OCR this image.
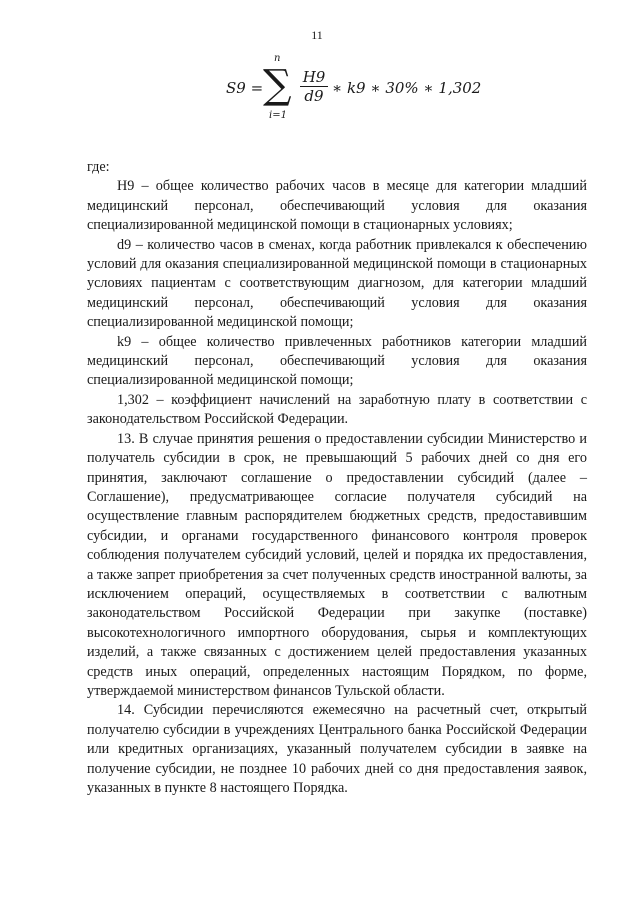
11
S9 =
n
∑
i=1
$\frac{H9}{d9}$ ∗ k9 ∗ 30% ∗ 1,302

где:

Н9 – общее количество рабочих часов в месяце для категории младший медицинский персонал, обеспечивающий условия для оказания специализированной медицинской помощи в стационарных условиях;

d9 – количество часов в сменах, когда работник привлекался к обеспечению условий для оказания специализированной медицинской помощи в стационарных условиях пациентам с соответствующим диагнозом, для категории младший медицинский персонал, обеспечивающий условия для оказания специализированной медицинской помощи;

k9 – общее количество привлеченных работников категории младший медицинский персонал, обеспечивающий условия для оказания специализированной медицинской помощи;

1,302 – коэффициент начислений на заработную плату в соответствии с законодательством Российской Федерации.

13. В случае принятия решения о предоставлении субсидии Министерство и получатель субсидии в срок, не превышающий 5 рабочих дней со дня его принятия, заключают соглашение о предоставлении субсидий (далее – Соглашение), предусматривающее согласие получателя субсидий на осуществление главным распорядителем бюджетных средств, предоставившим субсидии, и органами государственного финансового контроля проверок соблюдения получателем субсидий условий, целей и порядка их предоставления, а также запрет приобретения за счет полученных средств иностранной валюты, за исключением операций, осуществляемых в соответствии с валютным законодательством Российской Федерации при закупке (поставке) высокотехнологичного импортного оборудования, сырья и комплектующих изделий, а также связанных с достижением целей предоставления указанных средств иных операций, определенных настоящим Порядком, по форме, утверждаемой министерством финансов Тульской области.

14. Субсидии перечисляются ежемесячно на расчетный счет, открытый получателю субсидии в учреждениях Центрального банка Российской Федерации или кредитных организациях, указанный получателем субсидии в заявке на получение субсидии, не позднее 10 рабочих дней со дня предоставления заявок, указанных в пункте 8 настоящего Порядка.
